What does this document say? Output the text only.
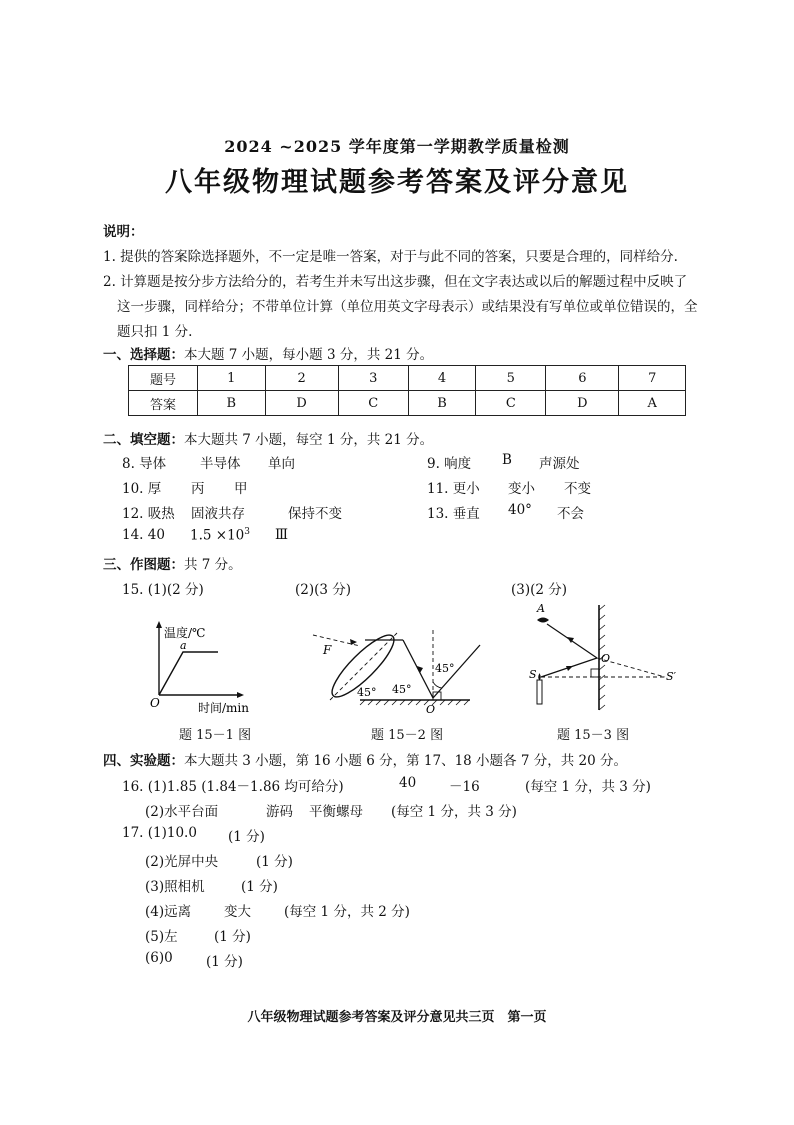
2024 ~2025 学年度第一学期教学质量检测
八年级物理试题参考答案及评分意见
说明：
1. 提供的答案除选择题外，不一定是唯一答案，对于与此不同的答案，只要是合理的，同样给分.
2. 计算题是按分步方法给分的，若考生并未写出这步骤，但在文字表达或以后的解题过程中反映了
这一步骤，同样给分；不带单位计算（单位用英文字母表示）或结果没有写单位或单位错误的，全
题只扣 1 分.
一、选择题：本大题 7 小题，每小题 3 分，共 21 分。
题号	1	2	3	4	5	6	7
答案	B	D	C	B	C	D	A
二、填空题：本大题共 7 小题，每空 1 分，共 21 分。
8. 导体	半导体 单向	9. 响度 B 声源处
10. 厚 丙 甲	11. 更小 变小 不变
12. 吸热 固液共存	保持不变	13. 垂直 40° 不会
14. 40 $1.5 \times 10^3$ Ⅲ
三、作图题：共 7 分。
15. (1)(2 分)	(2)(3 分)	(3)(2 分)
温度/℃
a
O	时间/min
题 15－1 图
F
45° 45°
45°
O
题 15－2 图
A
S
O
S′
题 15－3 图
四、实验题：本大题共 3 小题，第 16 小题 6 分，第 17、18 小题各 7 分，共 20 分。
16. (1)1.85 (1.84－1.86 均可给分)	40 －16	(每空 1 分，共 3 分)
(2)水平台面	游码 平衡螺母 (每空 1 分，共 3 分)
17. (1)10.0 (1 分)
(2)光屏中央	(1 分)
(3)照相机	(1 分)
(4)远离 变大 (每空 1 分，共 2 分)
(5)左	(1 分)
(6)0 (1 分)
八年级物理试题参考答案及评分意见共三页　第一页
